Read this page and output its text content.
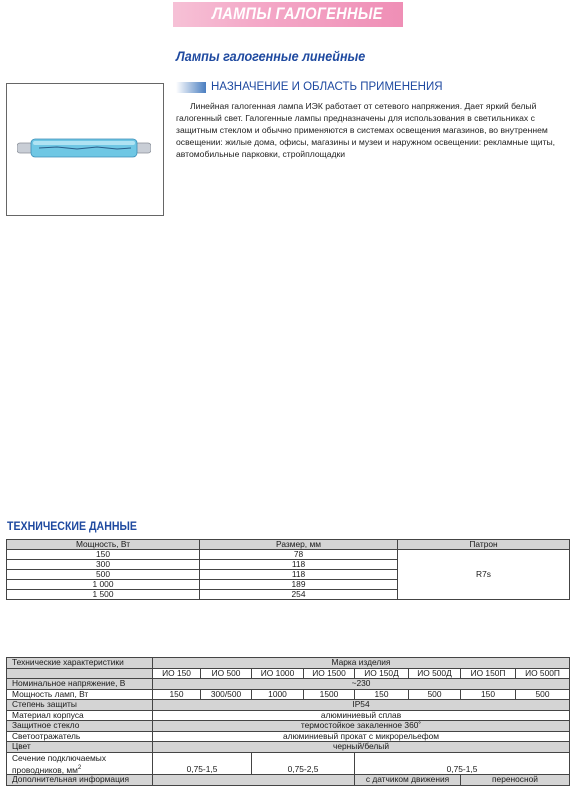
ЛАМПЫ ГАЛОГЕННЫЕ
Лампы галогенные линейные
НАЗНАЧЕНИЕ И ОБЛАСТЬ ПРИМЕНЕНИЯ
Линейная галогенная лампа ИЭК работает от сетевого напряжения. Дает яркий белый галогенный свет. Галогенные лампы предназначены для использования в светильниках с защитным стеклом и обычно применяются в системах освещения магазинов, во внутреннем освещении: жилые дома, офисы, магазины и музеи и наружном освещении: рекламные щиты, автомобильные парковки, стройплощадки
ТЕХНИЧЕСКИЕ ДАННЫЕ
Мощность, Вт	Размер, мм	Патрон
150	78	R7s
300	118	
500	118	
1 000	189	
1 500	254	
Технические характеристики	Марка изделия							
	ИО 150	ИО 500	ИО 1000	ИО 1500	ИО 150Д	ИО 500Д	ИО 150П	ИО 500П
Номинальное напряжение, В	~230							
Мощность ламп, Вт	150	300/500	1000	1500	150	500	150	500
Степень защиты	IP54							
Материал корпуса	алюминиевый сплав							
Защитное стекло	термостойкое закаленное 360˚							
Светоотражатель	алюминиевый прокат с микрорельефом							
Цвет	черный/белый							
Сечение подключаемых
проводников, $мм^2$	0,75-1,5		0,75-2,5		0,75-1,5			
Дополнительная информация					с датчиком движения		переносной	
